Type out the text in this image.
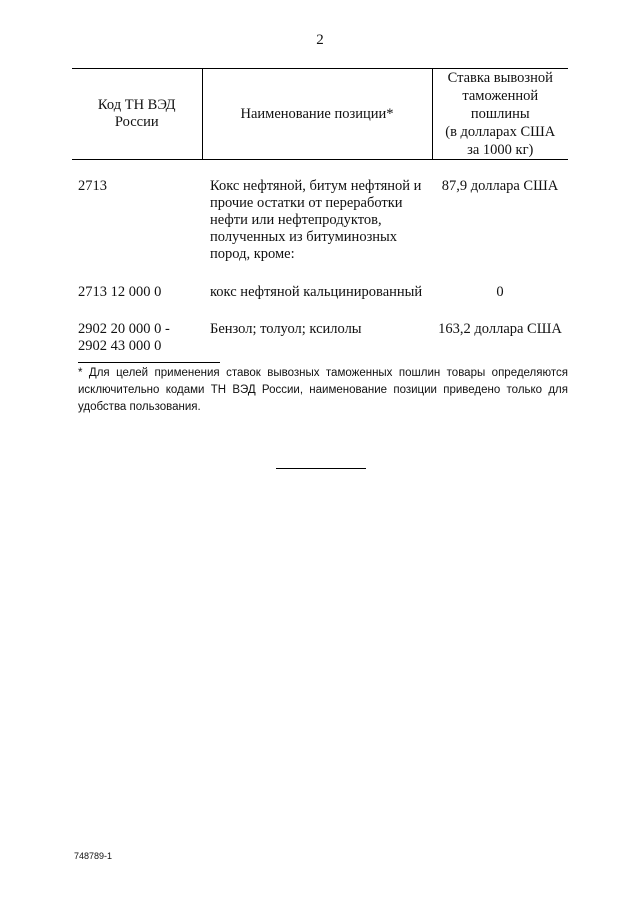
2
Код ТН ВЭД
России	Наименование позиции*	Ставка вывозной
таможенной
пошлины
(в долларах США
за 1000 кг)

2713	Кокс нефтяной, битум нефтяной и прочие остатки от переработки нефти или нефтепродуктов, полученных из битуминозных пород, кроме:	87,9 доллара США

2713 12 000 0	кокс нефтяной кальцинированный	0

2902 20 000 0 -
2902 43 000 0	Бензол; толуол; ксилолы	163,2 доллара США
* Для целей применения ставок вывозных таможенных пошлин товары определяются исключительно кодами ТН ВЭД России, наименование позиции приведено только для удобства пользования.
748789-1
